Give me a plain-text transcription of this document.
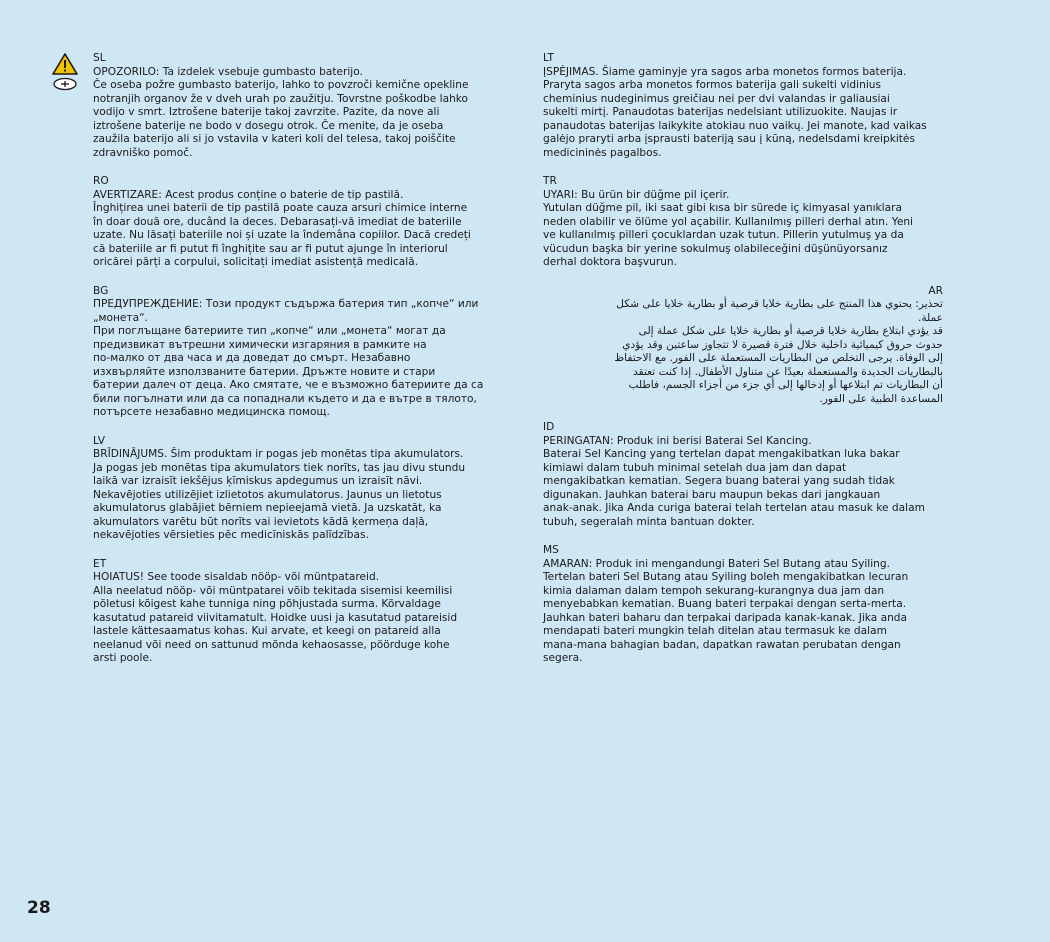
SL
OPOZORILO: Ta izdelek vsebuje gumbasto baterijo.
Če oseba požre gumbasto baterijo, lahko to povzroči kemične opekline
notranjih organov že v dveh urah po zaužitju. Tovrstne poškodbe lahko
vodijo v smrt. Iztrošene baterije takoj zavrzite. Pazite, da nove ali
iztrošene baterije ne bodo v dosegu otrok. Če menite, da je oseba
zaužila baterijo ali si jo vstavila v kateri koli del telesa, takoj poiščite
zdravniško pomoč.
RO
AVERTIZARE: Acest produs conține o baterie de tip pastilă.
Înghițirea unei baterii de tip pastilă poate cauza arsuri chimice interne
în doar două ore, ducând la deces. Debarasați-vă imediat de bateriile
uzate. Nu lăsați bateriile noi și uzate la îndemâna copiilor. Dacă credeți
că bateriile ar fi putut fi înghițite sau ar fi putut ajunge în interiorul
oricărei părți a corpului, solicitați imediat asistență medicală.
BG
ПРЕДУПРЕЖДЕНИЕ: Този продукт съдържа батерия тип „копче“ или
„монета“.
При поглъщане батериите тип „копче“ или „монета“ могат да
предизвикат вътрешни химически изгаряния в рамките на
по-малко от два часа и да доведат до смърт. Незабавно
изхвърляйте използваните батерии. Дръжте новите и стари
батерии далеч от деца. Ако смятате, че е възможно батериите да са
били погълнати или да са попаднали където и да е вътре в тялото,
потърсете незабавно медицинска помощ.
LV
BRĪDINĀJUMS. Šim produktam ir pogas jeb monētas tipa akumulators.
Ja pogas jeb monētas tipa akumulators tiek norīts, tas jau divu stundu
laikā var izraisīt iekšējus ķīmiskus apdegumus un izraisīt nāvi.
Nekavējoties utilizējiet izlietotos akumulatorus. Jaunus un lietotus
akumulatorus glabājiet bērniem nepieejamā vietā. Ja uzskatāt, ka
akumulators varētu būt norīts vai ievietots kādā ķermeņa daļā,
nekavējoties vērsieties pēc medicīniskās palīdzības.
ET
HOIATUS! See toode sisaldab nööp- või müntpatareid.
Alla neelatud nööp- või müntpatarei võib tekitada sisemisi keemilisi
põletusi kõigest kahe tunniga ning põhjustada surma. Kõrvaldage
kasutatud patareid viivitamatult. Hoidke uusi ja kasutatud patareisid
lastele kättesaamatus kohas. Kui arvate, et keegi on patareid alla
neelanud või need on sattunud mõnda kehaosasse, pöörduge kohe
arsti poole.
LT
ĮSPĖJIMAS. Šiame gaminyje yra sagos arba monetos formos baterija.
Praryta sagos arba monetos formos baterija gali sukelti vidinius
cheminius nudeginimus greičiau nei per dvi valandas ir galiausiai
sukelti mirtį. Panaudotas baterijas nedelsiant utilizuokite. Naujas ir
panaudotas baterijas laikykite atokiau nuo vaikų. Jei manote, kad vaikas
galėjo praryti arba įsprausti bateriją sau į kūną, nedelsdami kreipkitės
medicininės pagalbos.
TR
UYARI: Bu ürün bir düğme pil içerir.
Yutulan düğme pil, iki saat gibi kısa bir sürede iç kimyasal yanıklara
neden olabilir ve ölüme yol açabilir. Kullanılmış pilleri derhal atın. Yeni
ve kullanılmış pilleri çocuklardan uzak tutun. Pillerin yutulmuş ya da
vücudun başka bir yerine sokulmuş olabileceğini düşünüyorsanız
derhal doktora başvurun.
AR
تحذير: يحتوي هذا المنتج على بطارية خلايا قرصية أو بطارية خلايا على شكل
عملة.
قد يؤدي ابتلاع بطارية خلايا قرصية أو بطارية خلايا على شكل عملة إلى
حدوث حروق كيميائية داخلية خلال فترة قصيرة لا تتجاوز ساعتين وقد يؤدي
إلى الوفاة. يرجى التخلص من البطاريات المستعملة على الفور. مع الاحتفاظ
بالبطاريات الجديدة والمستعملة بعيدًا عن متناول الأطفال. إذا كنت تعتقد
أن البطاريات تم ابتلاعها أو إدخالها إلى أي جزء من أجزاء الجسم، فاطلب
المساعدة الطبية على الفور.
ID
PERINGATAN: Produk ini berisi Baterai Sel Kancing.
Baterai Sel Kancing yang tertelan dapat mengakibatkan luka bakar
kimiawi dalam tubuh minimal setelah dua jam dan dapat
mengakibatkan kematian. Segera buang baterai yang sudah tidak
digunakan. Jauhkan baterai baru maupun bekas dari jangkauan
anak-anak. Jika Anda curiga baterai telah tertelan atau masuk ke dalam
tubuh, segeralah minta bantuan dokter.
MS
AMARAN: Produk ini mengandungi Bateri Sel Butang atau Syiling.
Tertelan bateri Sel Butang atau Syiling boleh mengakibatkan lecuran
kimia dalaman dalam tempoh sekurang-kurangnya dua jam dan
menyebabkan kematian. Buang bateri terpakai dengan serta-merta.
Jauhkan bateri baharu dan terpakai daripada kanak-kanak. Jika anda
mendapati bateri mungkin telah ditelan atau termasuk ke dalam
mana-mana bahagian badan, dapatkan rawatan perubatan dengan
segera.
28
